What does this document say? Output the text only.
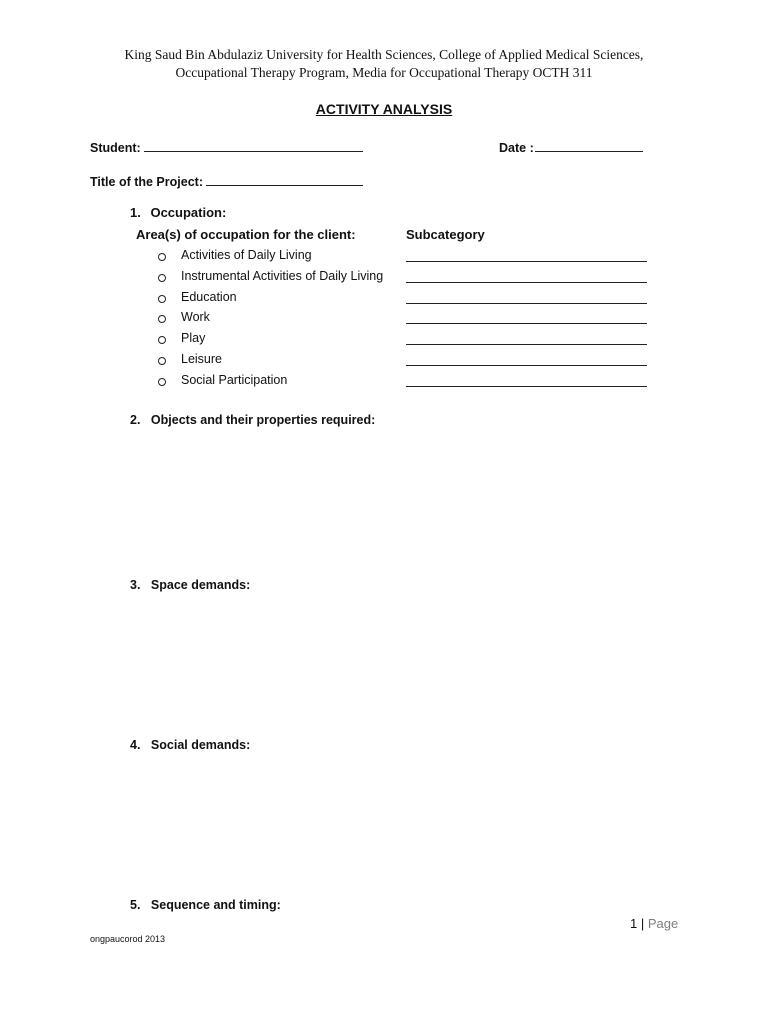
King Saud Bin Abdulaziz University for Health Sciences, College of Applied Medical Sciences,
Occupational Therapy Program, Media for Occupational Therapy OCTH 311
ACTIVITY ANALYSIS
Student:	Date :
Title of the Project:
1. Occupation:
Area(s) of occupation for the client:	Subcategory
Activities of Daily Living
Instrumental Activities of Daily Living
Education
Work
Play
Leisure
Social Participation
2. Objects and their properties required:
3. Space demands:
4. Social demands:
5. Sequence and timing:
1 | Page
ongpaucorod 2013
